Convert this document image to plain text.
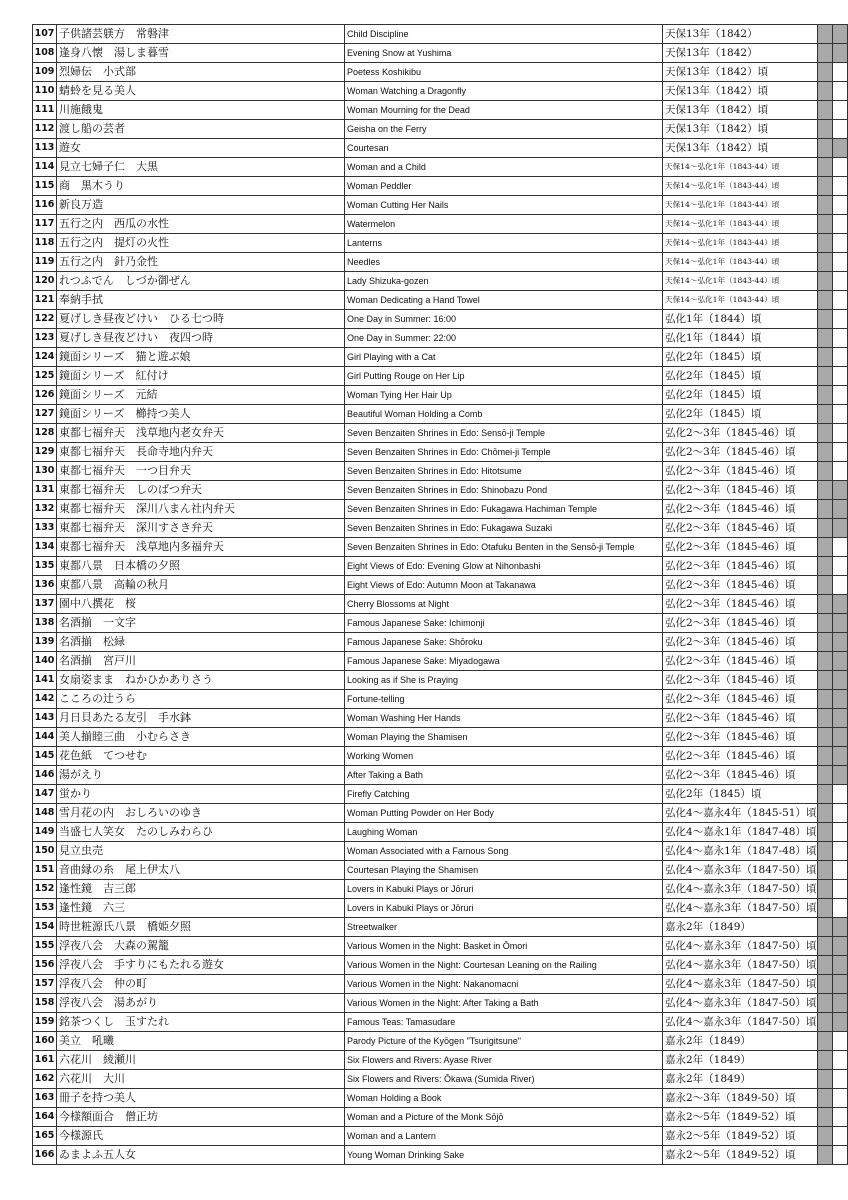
107	子供諸芸躾方　常磐津	Child Discipline	天保13年（1842）		
108	逢身八懐　湯しま暮雪	Evening Snow at Yushima	天保13年（1842）		
109	烈婦伝　小式部	Poetess Koshikibu	天保13年（1842）頃		
110	蜻蛉を見る美人	Woman Watching a Dragonfly	天保13年（1842）頃		
111	川施餓鬼	Woman Mourning for the Dead	天保13年（1842）頃		
112	渡し船の芸者	Geisha on the Ferry	天保13年（1842）頃		
113	遊女	Courtesan	天保13年（1842）頃		
114	見立七婦子仁　大黒	Woman and a Child	天保14～弘化1年（1843-44）頃		
115	商　黒木うり	Woman Peddler	天保14～弘化1年（1843-44）頃		
116	新良万造	Woman Cutting Her Nails	天保14～弘化1年（1843-44）頃		
117	五行之内　西瓜の水性	Watermelon	天保14～弘化1年（1843-44）頃		
118	五行之内　提灯の火性	Lanterns	天保14～弘化1年（1843-44）頃		
119	五行之内　針乃金性	Needles	天保14～弘化1年（1843-44）頃		
120	れつふでん　しづか御ぜん	Lady Shizuka-gozen	天保14～弘化1年（1843-44）頃		
121	奉納手拭	Woman Dedicating a Hand Towel	天保14～弘化1年（1843-44）頃		
122	夏げしき昼夜どけい　ひる七つ時	One Day in Summer: 16:00	弘化1年（1844）頃		
123	夏げしき昼夜どけい　夜四つ時	One Day in Summer: 22:00	弘化1年（1844）頃		
124	鏡面シリーズ　猫と遊ぶ娘	Girl Playing with a Cat	弘化2年（1845）頃		
125	鏡面シリーズ　紅付け	Girl Putting Rouge on Her Lip	弘化2年（1845）頃		
126	鏡面シリーズ　元結	Woman Tying Her Hair Up	弘化2年（1845）頃		
127	鏡面シリーズ　櫛持つ美人	Beautiful Woman Holding a Comb	弘化2年（1845）頃		
128	東都七福弁天　浅草地内老女弁天	Seven Benzaiten Shrines in Edo: Sensō-ji Temple	弘化2～3年（1845-46）頃		
129	東都七福弁天　長命寺地内弁天	Seven Benzaiten Shrines in Edo: Chōmei-ji Temple	弘化2～3年（1845-46）頃		
130	東都七福弁天　一つ目弁天	Seven Benzaiten Shrines in Edo: Hitotsume	弘化2～3年（1845-46）頃		
131	東都七福弁天　しのばつ弁天	Seven Benzaiten Shrines in Edo: Shinobazu Pond	弘化2～3年（1845-46）頃		
132	東都七福弁天　深川八まん社内弁天	Seven Benzaiten Shrines in Edo: Fukagawa Hachiman Temple	弘化2～3年（1845-46）頃		
133	東都七福弁天　深川すさき弁天	Seven Benzaiten Shrines in Edo: Fukagawa Suzaki	弘化2～3年（1845-46）頃		
134	東都七福弁天　浅草地内多福弁天	Seven Benzaiten Shrines in Edo: Otafuku Benten in the Sensō-ji Temple	弘化2～3年（1845-46）頃		
135	東都八景　日本橋の夕照	Eight Views of Edo: Evening Glow at Nihonbashi	弘化2～3年（1845-46）頃		
136	東都八景　高輪の秋月	Eight Views of Edo: Autumn Moon at Takanawa	弘化2～3年（1845-46）頃		
137	園中八撰花　桜	Cherry Blossoms at Night	弘化2～3年（1845-46）頃		
138	名酒揃　一文字	Famous Japanese Sake: Ichimonji	弘化2～3年（1845-46）頃		
139	名酒揃　松緑	Famous Japanese Sake: Shōroku	弘化2～3年（1845-46）頃		
140	名酒揃　宮戸川	Famous Japanese Sake: Miyadogawa	弘化2～3年（1845-46）頃		
141	女扇姿まま　ねかひかありさう	Looking as if She is Praying	弘化2～3年（1845-46）頃		
142	こころの辻うら	Fortune-telling	弘化2～3年（1845-46）頃		
143	月日貝あたる友引　手水鉢	Woman Washing Her Hands	弘化2～3年（1845-46）頃		
144	美人揃睦三曲　小むらさき	Woman Playing the Shamisen	弘化2～3年（1845-46）頃		
145	花色紙　てつせむ	Working Women	弘化2～3年（1845-46）頃		
146	湯がえり	After Taking a Bath	弘化2～3年（1845-46）頃		
147	蛍かり	Firefly Catching	弘化2年（1845）頃		
148	雪月花の内　おしろいのゆき	Woman Putting Powder on Her Body	弘化4～嘉永4年（1845-51）頃		
149	当盛七人笑女　たのしみわらひ	Laughing Woman	弘化4～嘉永1年（1847-48）頃		
150	見立虫売	Woman Associated with a Famous Song	弘化4～嘉永1年（1847-48）頃		
151	音曲縁の糸　尾上伊太八	Courtesan Playing the Shamisen	弘化4～嘉永3年（1847-50）頃		
152	逢性鏡　吉三郎	Lovers in Kabuki Plays or Jōruri	弘化4～嘉永3年（1847-50）頃		
153	逢性鏡　六三	Lovers in Kabuki Plays or Jōruri	弘化4～嘉永3年（1847-50）頃		
154	時世粧源氏八景　橋姫夕照	Streetwalker	嘉永2年（1849）		
155	浮夜八会　大森の駕籠	Various Women in the Night: Basket in Ōmori	弘化4～嘉永3年（1847-50）頃		
156	浮夜八会　手すりにもたれる遊女	Various Women in the Night: Courtesan Leaning on the Railing	弘化4～嘉永3年（1847-50）頃		
157	浮夜八会　仲の町	Various Women in the Night: Nakanomacni	弘化4～嘉永3年（1847-50）頃		
158	浮夜八会　湯あがり	Various Women in the Night: After Taking a Bath	弘化4～嘉永3年（1847-50）頃		
159	銘茶つくし　玉すたれ	Famous Teas: Tamasudare	弘化4～嘉永3年（1847-50）頃		
160	美立　吼曦	Parody Picture of the Kyōgen "Tsurigitsune"	嘉永2年（1849）		
161	六花川　綾瀬川	Six Flowers and Rivers: Ayase River	嘉永2年（1849）		
162	六花川　大川	Six Flowers and Rivers: Ōkawa (Sumida River)	嘉永2年（1849）		
163	冊子を持つ美人	Woman Holding a Book	嘉永2～3年（1849-50）頃		
164	今様額面合　僧正坊	Woman and a Picture of the Monk Sōjō	嘉永2～5年（1849-52）頃		
165	今様源氏	Woman and a Lantern	嘉永2～5年（1849-52）頃		
166	ゐまよふ五人女	Young Woman Drinking Sake	嘉永2～5年（1849-52）頃		
